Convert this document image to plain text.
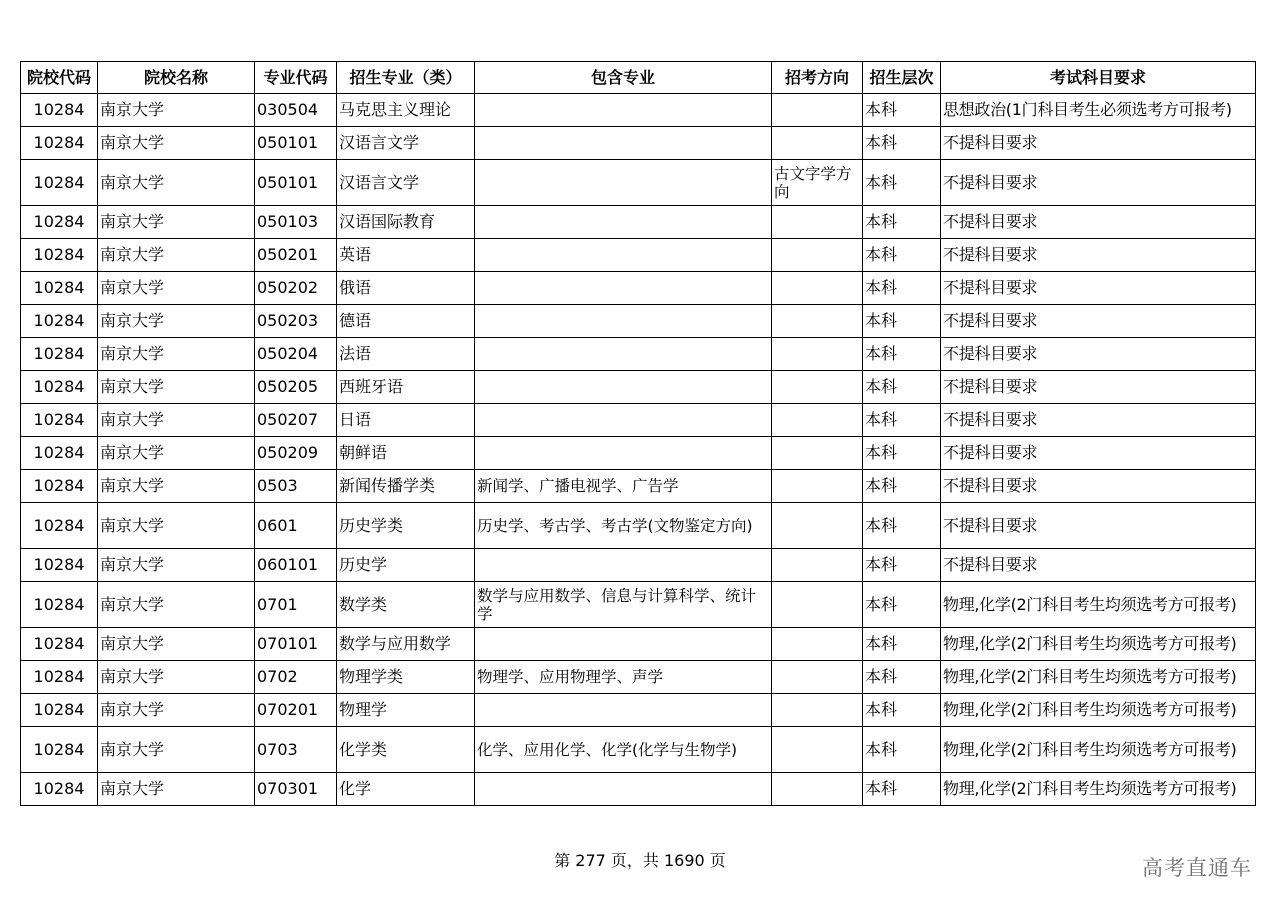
院校代码	院校名称	专业代码	招生专业（类）	包含专业	招考方向	招生层次	考试科目要求
10284	南京大学	030504	马克思主义理论			本科	思想政治(1门科目考生必须选考方可报考)
10284	南京大学	050101	汉语言文学			本科	不提科目要求
10284	南京大学	050101	汉语言文学		古文字学方向	本科	不提科目要求
10284	南京大学	050103	汉语国际教育			本科	不提科目要求
10284	南京大学	050201	英语			本科	不提科目要求
10284	南京大学	050202	俄语			本科	不提科目要求
10284	南京大学	050203	德语			本科	不提科目要求
10284	南京大学	050204	法语			本科	不提科目要求
10284	南京大学	050205	西班牙语			本科	不提科目要求
10284	南京大学	050207	日语			本科	不提科目要求
10284	南京大学	050209	朝鲜语			本科	不提科目要求
10284	南京大学	0503	新闻传播学类	新闻学、广播电视学、广告学		本科	不提科目要求
10284	南京大学	0601	历史学类	历史学、考古学、考古学(文物鉴定方向)		本科	不提科目要求
10284	南京大学	060101	历史学			本科	不提科目要求
10284	南京大学	0701	数学类	数学与应用数学、信息与计算科学、统计学		本科	物理,化学(2门科目考生均须选考方可报考)
10284	南京大学	070101	数学与应用数学			本科	物理,化学(2门科目考生均须选考方可报考)
10284	南京大学	0702	物理学类	物理学、应用物理学、声学		本科	物理,化学(2门科目考生均须选考方可报考)
10284	南京大学	070201	物理学			本科	物理,化学(2门科目考生均须选考方可报考)
10284	南京大学	0703	化学类	化学、应用化学、化学(化学与生物学)		本科	物理,化学(2门科目考生均须选考方可报考)
10284	南京大学	070301	化学			本科	物理,化学(2门科目考生均须选考方可报考)
第 277 页，共 1690 页	高考直通车
